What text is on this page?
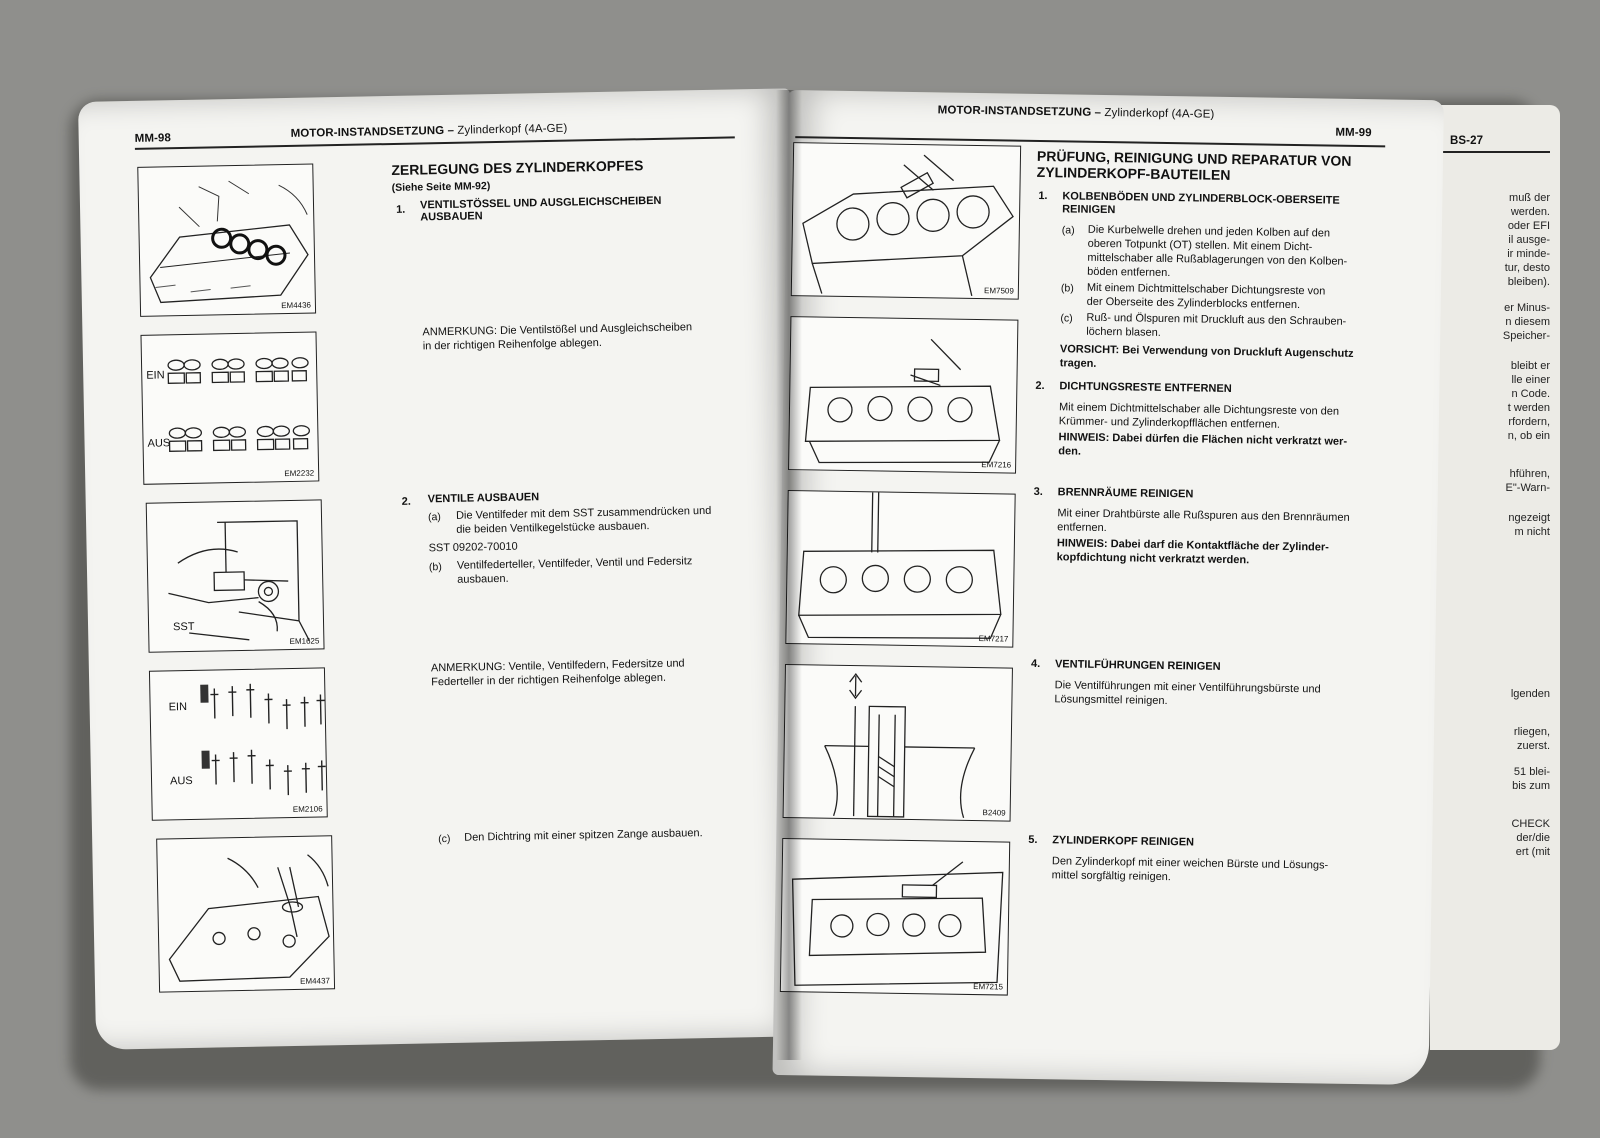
BS-27
muß der
werden.
oder EFI
il ausge-
ir minde-
tur, desto
bleiben).
er Minus-
n diesem
Speicher-
bleibt er
lle einer
n Code.
t werden
rfordern,
n, ob ein
hführen,
E"-Warn-
ngezeigt
m nicht
lgenden
rliegen,
zuerst.
51 blei-
bis zum
CHECK
der/die
ert (mit
MM-98	MOTOR-INSTANDSETZUNG – Zylinderkopf (4A-GE)
EM4436
ZERLEGUNG DES ZYLINDERKOPFES
(Siehe Seite MM-92)
1. VENTILSTÖSSEL UND AUSGLEICHSCHEIBEN
AUSBAUEN
ANMERKUNG: Die Ventilstößel und Ausgleichscheiben
in der richtigen Reihenfolge ablegen.
EIN
AUS
EM2232
2. VENTILE AUSBAUEN
(a) Die Ventilfeder mit dem SST zusammendrücken und
die beiden Ventilkegelstücke ausbauen.
SST 09202-70010
(b) Ventilfederteller, Ventilfeder, Ventil und Federsitz
ausbauen.
SST
EM1625
ANMERKUNG: Ventile, Ventilfedern, Federsitze und
Federteller in der richtigen Reihenfolge ablegen.
EIN
AUS
EM2106
(c) Den Dichtring mit einer spitzen Zange ausbauen.
EM4437
MOTOR-INSTANDSETZUNG – Zylinderkopf (4A-GE)
MM-99
PRÜFUNG, REINIGUNG UND REPARATUR VON
ZYLINDERKOPF-BAUTEILEN
1. KOLBENBÖDEN UND ZYLINDERBLOCK-OBERSEITE
REINIGEN
(a) Die Kurbelwelle drehen und jeden Kolben auf den
oberen Totpunkt (OT) stellen. Mit einem Dicht-
mittelschaber alle Rußablagerungen von den Kolben-
böden entfernen.
(b) Mit einem Dichtmittelschaber Dichtungsreste von
der Oberseite des Zylinderblocks entfernen.
(c) Ruß- und Ölspuren mit Druckluft aus den Schrauben-
löchern blasen.
VORSICHT: Bei Verwendung von Druckluft Augenschutz
tragen.
2. DICHTUNGSRESTE ENTFERNEN
Mit einem Dichtmittelschaber alle Dichtungsreste von den
Krümmer- und Zylinderkopfflächen entfernen.
HINWEIS: Dabei dürfen die Flächen nicht verkratzt wer-
den.
3. BRENNRÄUME REINIGEN
Mit einer Drahtbürste alle Rußspuren aus den Brennräumen
entfernen.
HINWEIS: Dabei darf die Kontaktfläche der Zylinder-
kopfdichtung nicht verkratzt werden.
4. VENTILFÜHRUNGEN REINIGEN
Die Ventilführungen mit einer Ventilführungsbürste und
Lösungsmittel reinigen.
5. ZYLINDERKOPF REINIGEN
Den Zylinderkopf mit einer weichen Bürste und Lösungs-
mittel sorgfältig reinigen.
EM7509
EM7216
EM7217
B2409
EM7215
